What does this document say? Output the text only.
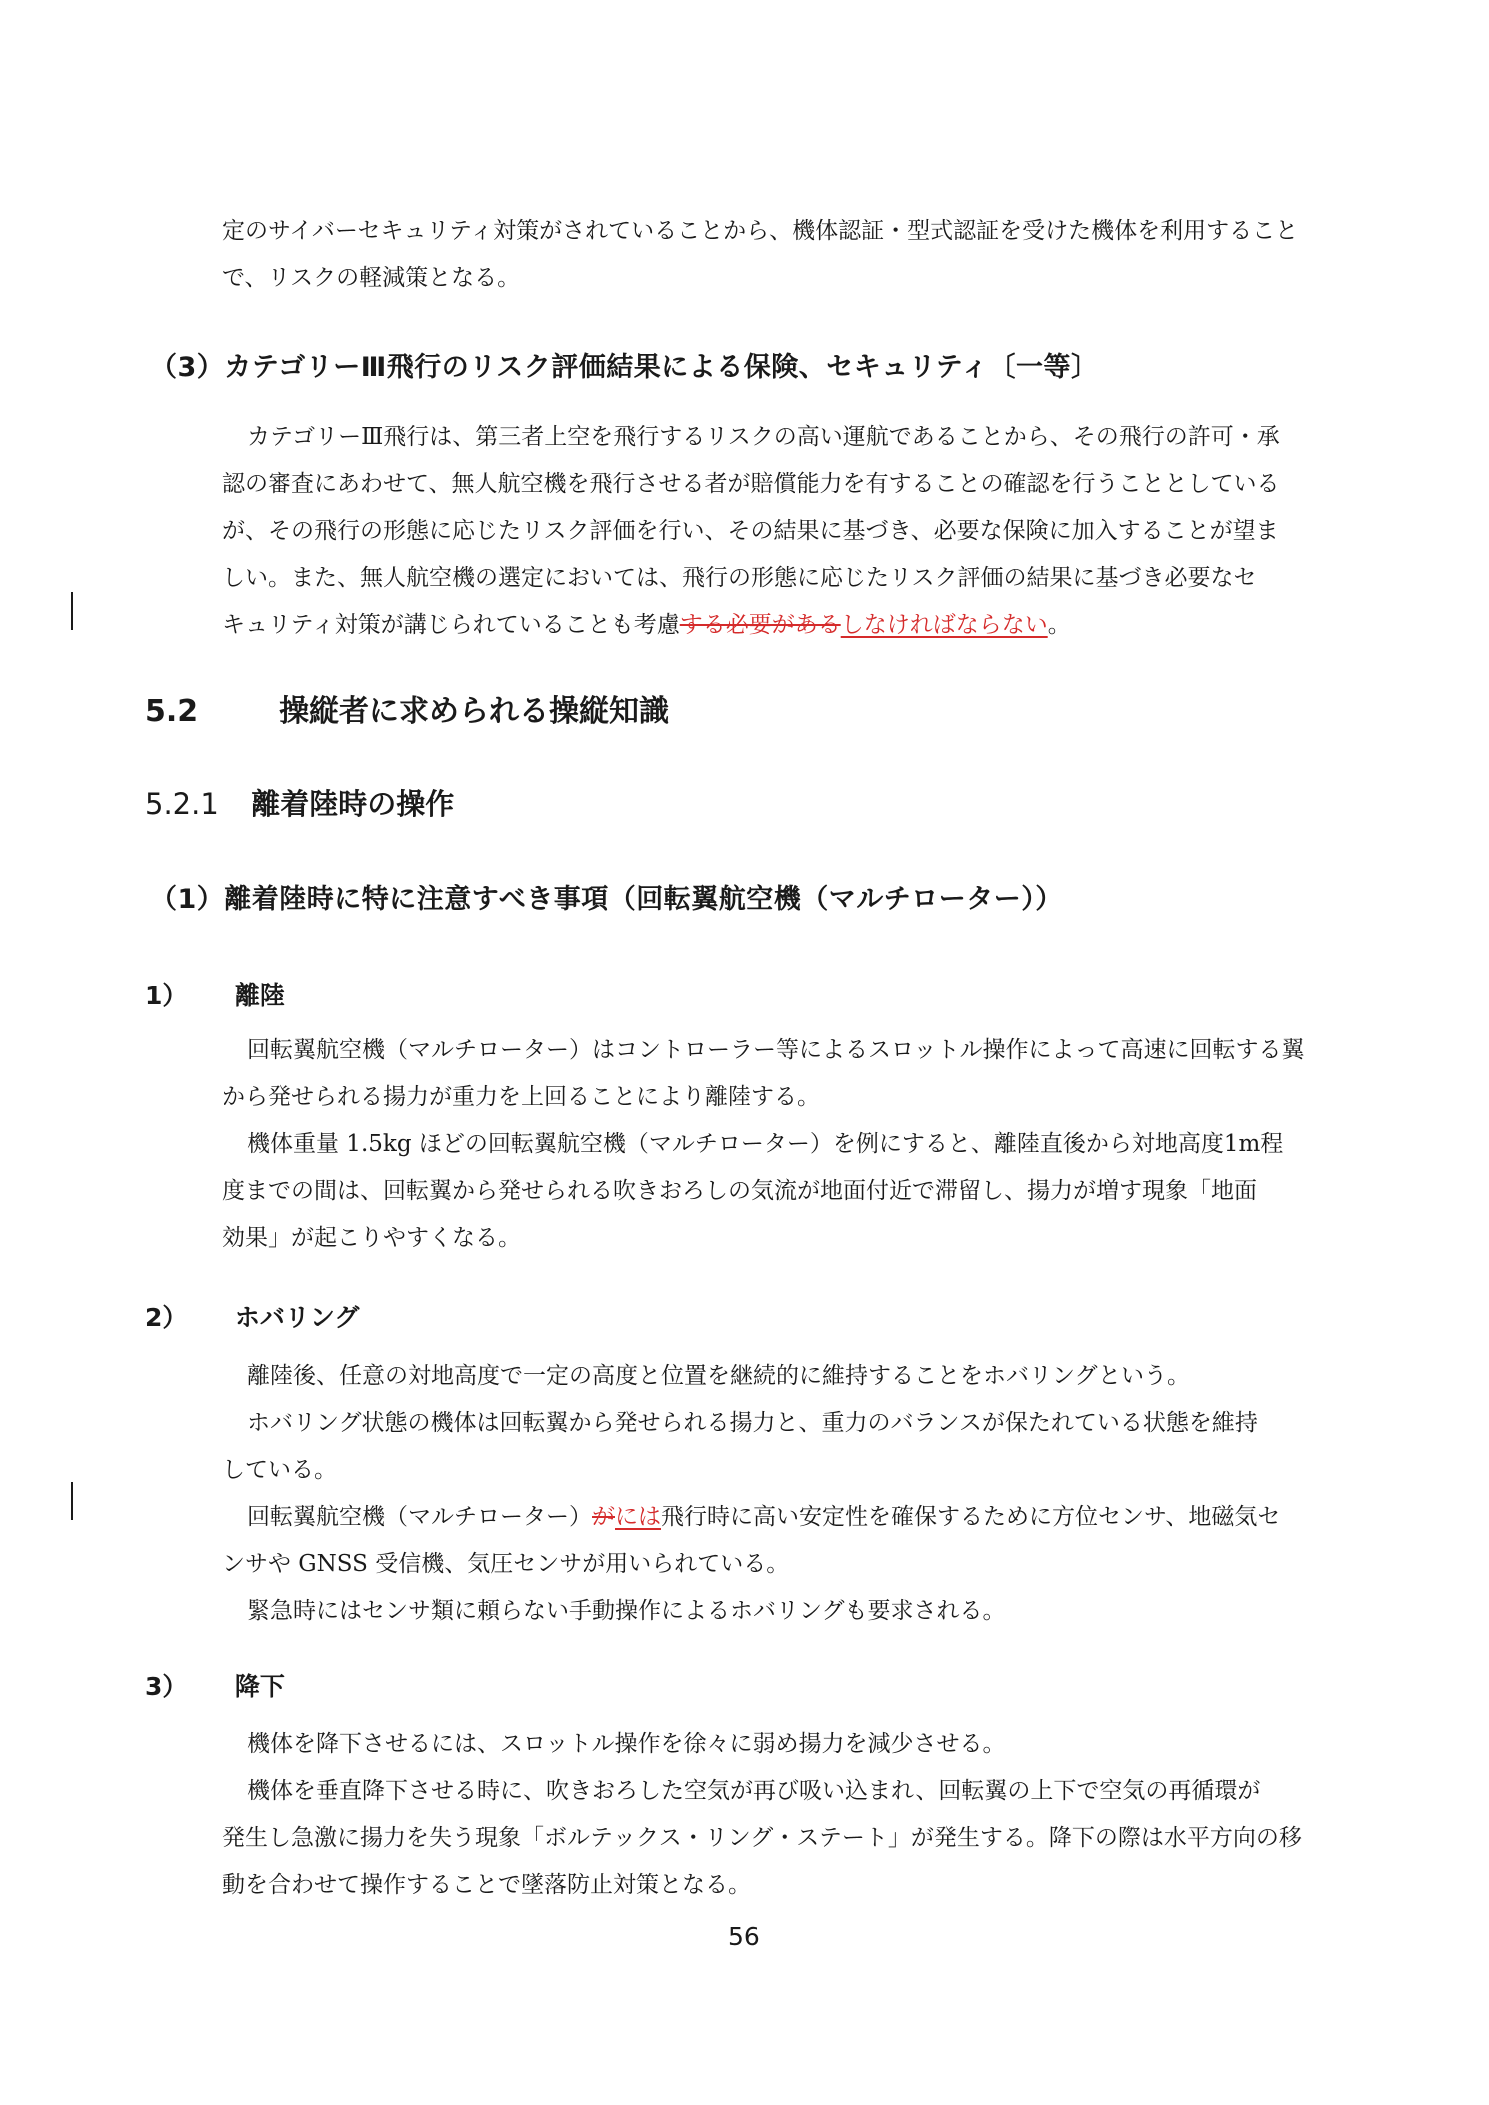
定のサイバーセキュリティ対策がされていることから、機体認証・型式認証を受けた機体を利用すること
で、リスクの軽減策となる。
（3）カテゴリーⅢ飛行のリスク評価結果による保険、セキュリティ〔一等〕
カテゴリーⅢ飛行は、第三者上空を飛行するリスクの高い運航であることから、その飛行の許可・承
認の審査にあわせて、無人航空機を飛行させる者が賠償能力を有することの確認を行うこととしている
が、その飛行の形態に応じたリスク評価を行い、その結果に基づき、必要な保険に加入することが望ま
しい。また、無人航空機の選定においては、飛行の形態に応じたリスク評価の結果に基づき必要なセ
キュリティ対策が講じられていることも考慮する必要があるしなければならない。
5.2	操縦者に求められる操縦知識
5.2.1 離着陸時の操作
（1）離着陸時に特に注意すべき事項（回転翼航空機（マルチローター））
1） 離陸
回転翼航空機（マルチローター）はコントローラー等によるスロットル操作によって高速に回転する翼
から発せられる揚力が重力を上回ることにより離陸する。
機体重量 1.5kg ほどの回転翼航空機（マルチローター）を例にすると、離陸直後から対地高度1m程
度までの間は、回転翼から発せられる吹きおろしの気流が地面付近で滞留し、揚力が増す現象「地面
効果」が起こりやすくなる。
2） ホバリング
離陸後、任意の対地高度で一定の高度と位置を継続的に維持することをホバリングという。
ホバリング状態の機体は回転翼から発せられる揚力と、重力のバランスが保たれている状態を維持
している。
回転翼航空機（マルチローター）がには飛行時に高い安定性を確保するために方位センサ、地磁気セ
ンサや GNSS 受信機、気圧センサが用いられている。
緊急時にはセンサ類に頼らない手動操作によるホバリングも要求される。
3） 降下
機体を降下させるには、スロットル操作を徐々に弱め揚力を減少させる。
機体を垂直降下させる時に、吹きおろした空気が再び吸い込まれ、回転翼の上下で空気の再循環が
発生し急激に揚力を失う現象「ボルテックス・リング・ステート」が発生する。降下の際は水平方向の移
動を合わせて操作することで墜落防止対策となる。
56
